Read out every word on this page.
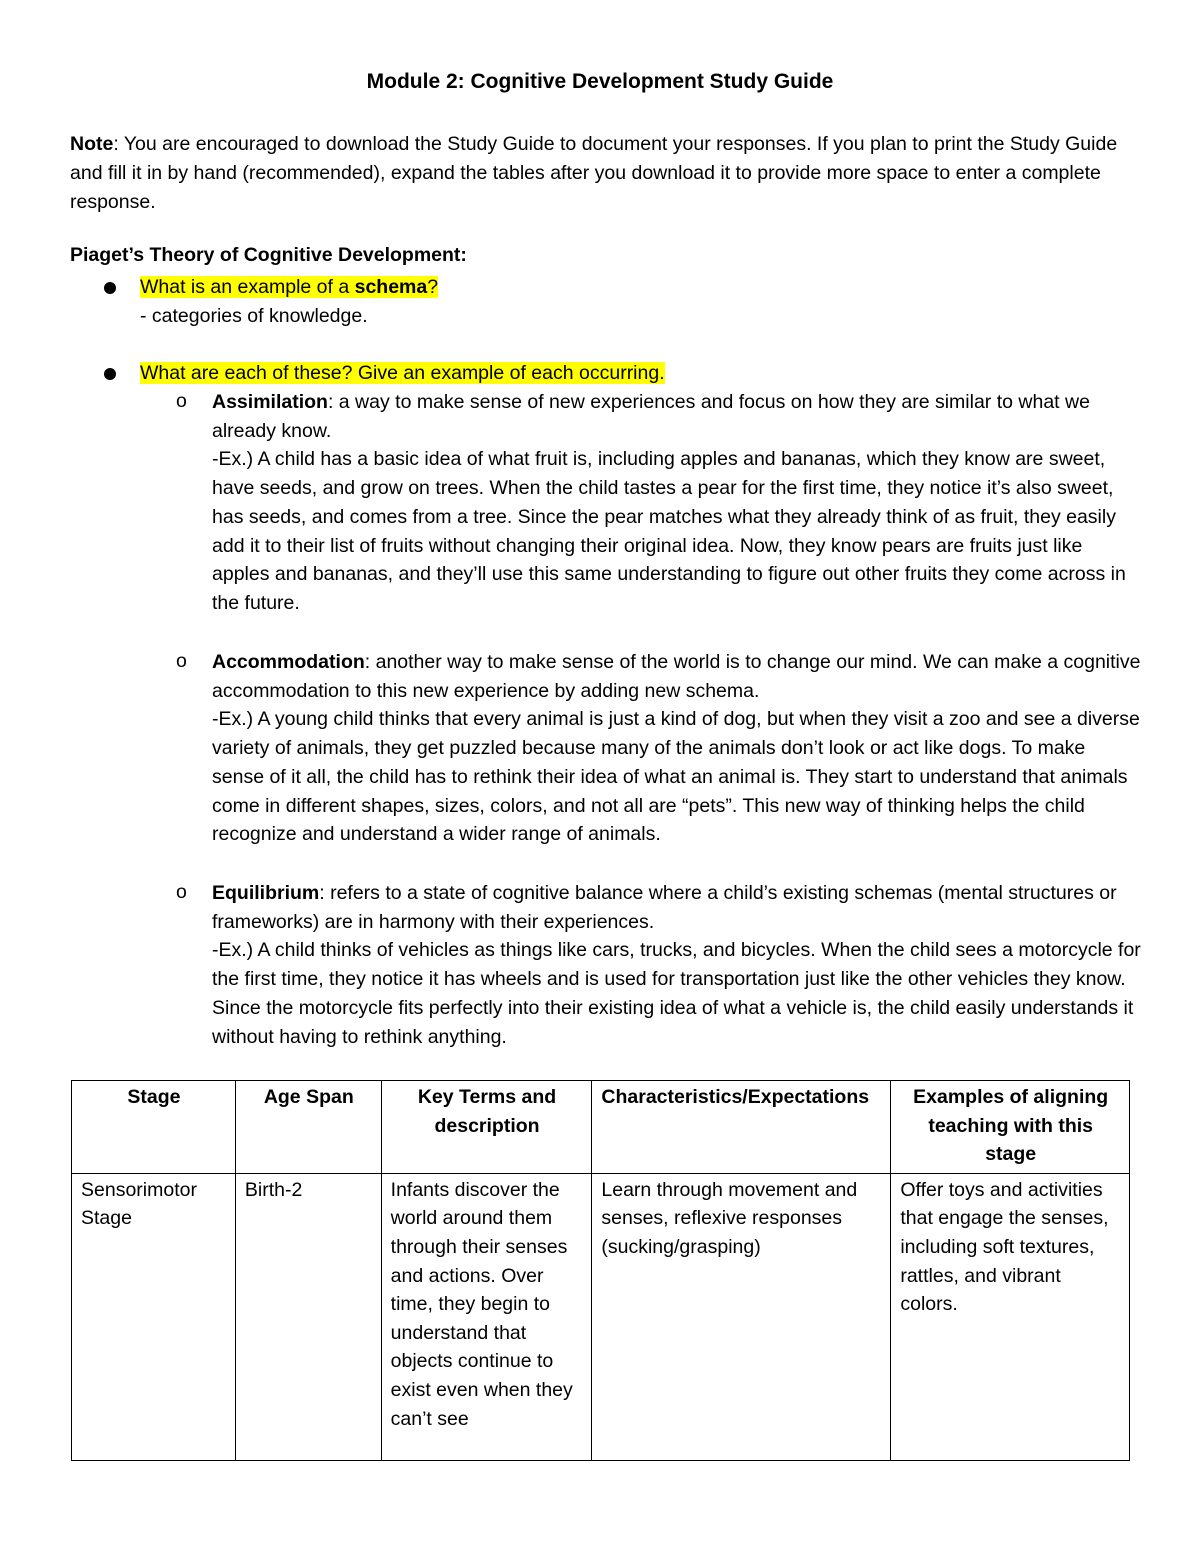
Module 2: Cognitive Development Study Guide
Note: You are encouraged to download the Study Guide to document your responses. If you plan to print the Study Guide and fill it in by hand (recommended), expand the tables after you download it to provide more space to enter a complete response.
Piaget’s Theory of Cognitive Development:
What is an example of a schema?
- categories of knowledge.
What are each of these? Give an example of each occurring.
o Assimilation: a way to make sense of new experiences and focus on how they are similar to what we already know.
-Ex.) A child has a basic idea of what fruit is, including apples and bananas, which they know are sweet, have seeds, and grow on trees. When the child tastes a pear for the first time, they notice it’s also sweet, has seeds, and comes from a tree. Since the pear matches what they already think of as fruit, they easily add it to their list of fruits without changing their original idea. Now, they know pears are fruits just like apples and bananas, and they’ll use this same understanding to figure out other fruits they come across in the future.
o Accommodation: another way to make sense of the world is to change our mind. We can make a cognitive accommodation to this new experience by adding new schema.
-Ex.) A young child thinks that every animal is just a kind of dog, but when they visit a zoo and see a diverse variety of animals, they get puzzled because many of the animals don’t look or act like dogs. To make sense of it all, the child has to rethink their idea of what an animal is. They start to understand that animals come in different shapes, sizes, colors, and not all are “pets”. This new way of thinking helps the child recognize and understand a wider range of animals.
o Equilibrium: refers to a state of cognitive balance where a child’s existing schemas (mental structures or frameworks) are in harmony with their experiences.
-Ex.) A child thinks of vehicles as things like cars, trucks, and bicycles. When the child sees a motorcycle for the first time, they notice it has wheels and is used for transportation just like the other vehicles they know. Since the motorcycle fits perfectly into their existing idea of what a vehicle is, the child easily understands it without having to rethink anything.
Stage	Age Span	Key Terms and description	Characteristics/Expectations	Examples of aligning teaching with this stage
Sensorimotor Stage	Birth-2	Infants discover the world around them through their senses and actions. Over time, they begin to understand that objects continue to exist even when they can’t see	Learn through movement and senses, reflexive responses (sucking/grasping)	Offer toys and activities that engage the senses, including soft textures, rattles, and vibrant colors.
